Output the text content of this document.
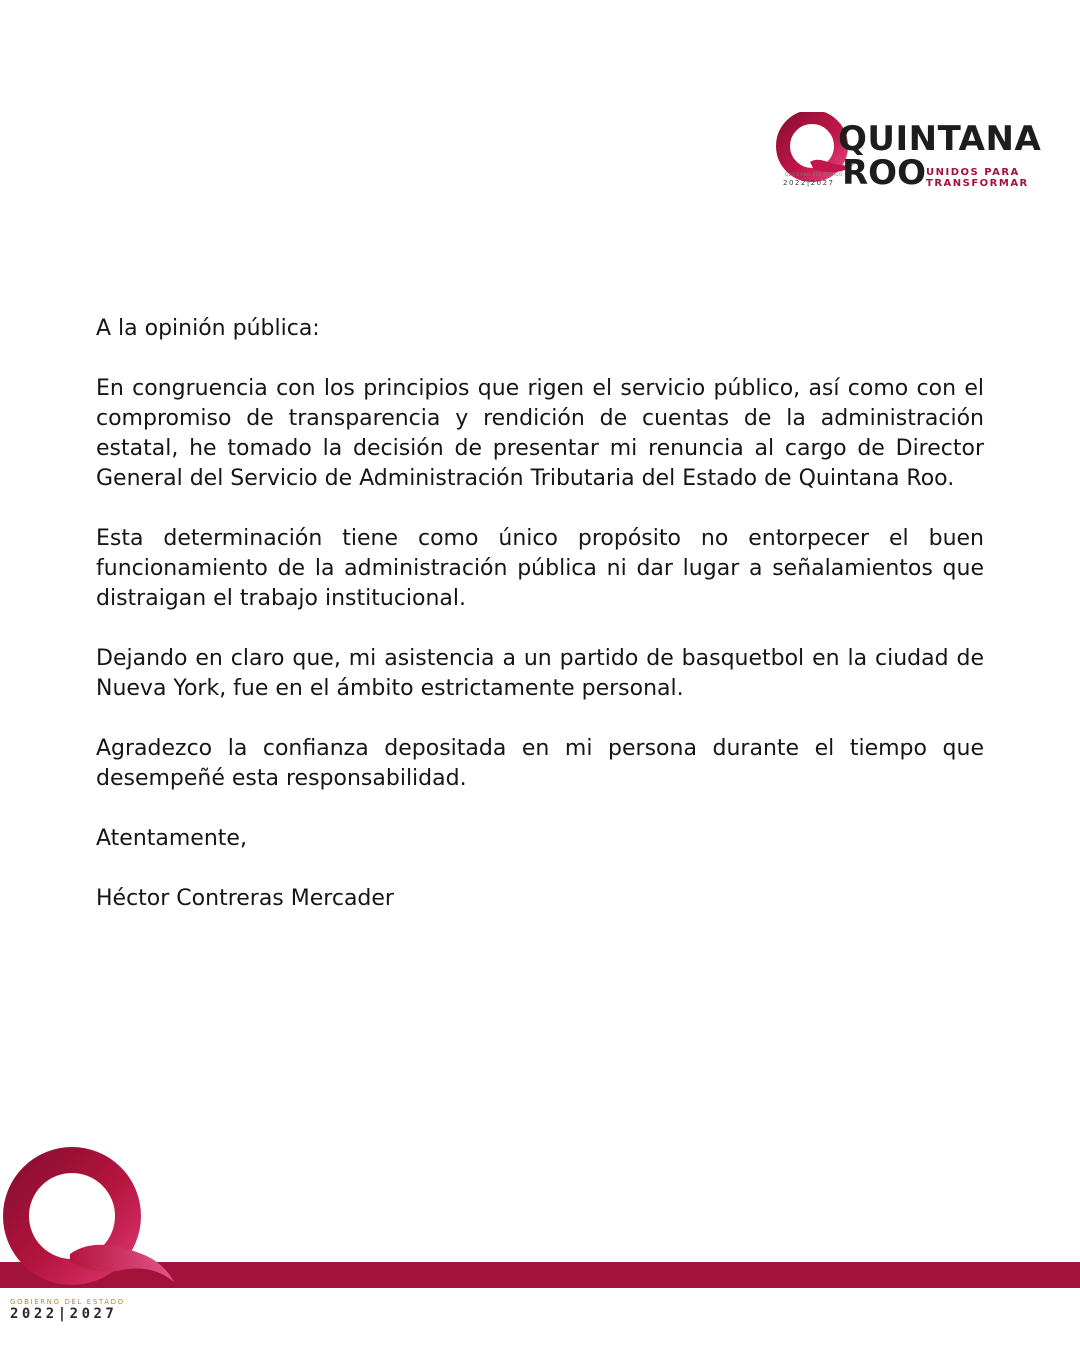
QUINTANA
ROO UNIDOS PARA
TRANSFORMAR
GOBIERNO DEL ESTADO
2022|2027

A la opinión pública:

En congruencia con los principios que rigen el servicio público, así como con el compromiso de transparencia y rendición de cuentas de la administración estatal, he tomado la decisión de presentar mi renuncia al cargo de Director General del Servicio de Administración Tributaria del Estado de Quintana Roo.

Esta determinación tiene como único propósito no entorpecer el buen funcionamiento de la administración pública ni dar lugar a señalamientos que distraigan el trabajo institucional.

Dejando en claro que, mi asistencia a un partido de basquetbol en la ciudad de Nueva York, fue en el ámbito estrictamente personal.

Agradezco la confianza depositada en mi persona durante el tiempo que desempeñé esta responsabilidad.

Atentamente,

Héctor Contreras Mercader

GOBIERNO DEL ESTADO
2022|2027
